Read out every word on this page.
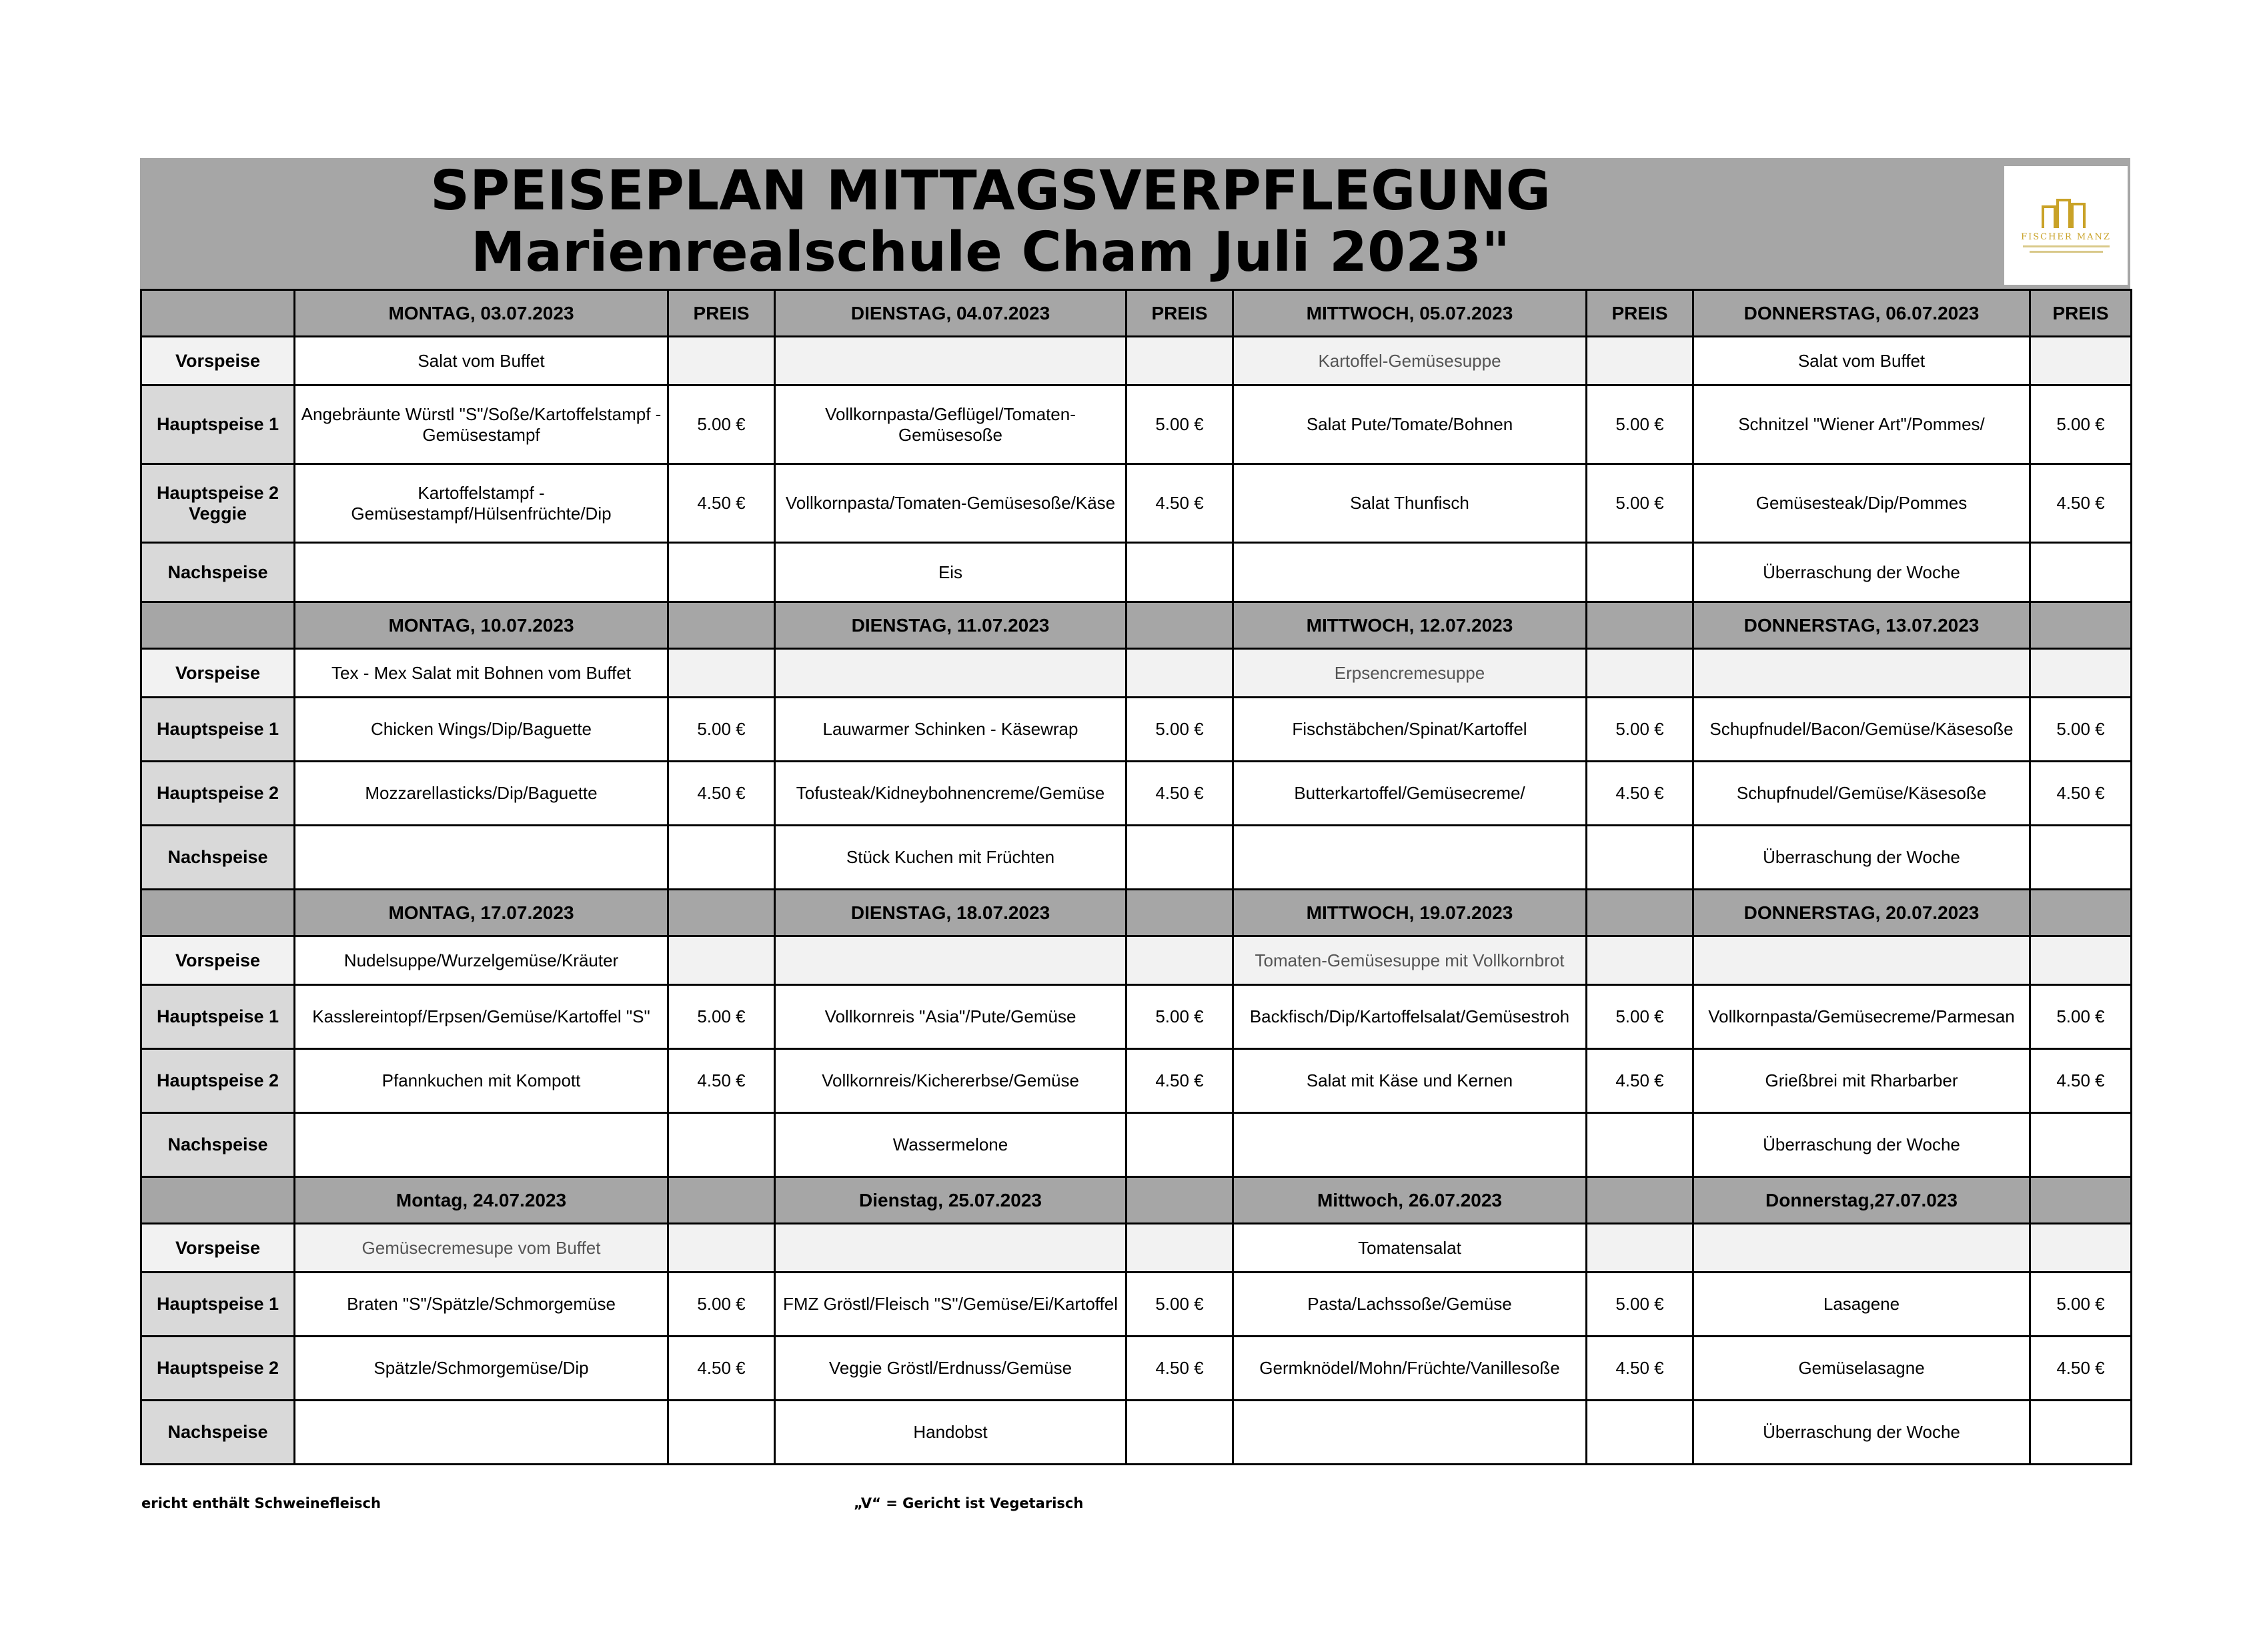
SPEISEPLAN MITTAGSVERPFLEGUNG
Marienrealschule Cham Juli 2023"	FISCHER MANZ
	MONTAG, 03.07.2023	PREIS	DIENSTAG, 04.07.2023	PREIS	MITTWOCH, 05.07.2023	PREIS	DONNERSTAG, 06.07.2023	PREIS
Vorspeise	Salat vom Buffet				Kartoffel-Gemüsesuppe		Salat vom Buffet	
Hauptspeise 1	Angebräunte Würstl "S"/Soße/Kartoffelstampf - Gemüsestampf	5.00 €	Vollkornpasta/Geflügel/Tomaten-Gemüsesoße	5.00 €	Salat Pute/Tomate/Bohnen	5.00 €	Schnitzel "Wiener Art"/Pommes/	5.00 €
Hauptspeise 2 Veggie	Kartoffelstampf - Gemüsestampf/Hülsenfrüchte/Dip	4.50 €	Vollkornpasta/Tomaten-Gemüsesoße/Käse	4.50 €	Salat Thunfisch	5.00 €	Gemüsesteak/Dip/Pommes	4.50 €
Nachspeise			Eis				Überraschung der Woche	
	MONTAG, 10.07.2023		DIENSTAG, 11.07.2023		MITTWOCH, 12.07.2023		DONNERSTAG, 13.07.2023	
Vorspeise	Tex - Mex Salat mit Bohnen vom Buffet				Erpsencremesuppe			
Hauptspeise 1	Chicken Wings/Dip/Baguette	5.00 €	Lauwarmer Schinken - Käsewrap	5.00 €	Fischstäbchen/Spinat/Kartoffel	5.00 €	Schupfnudel/Bacon/Gemüse/Käsesoße	5.00 €
Hauptspeise 2	Mozzarellasticks/Dip/Baguette	4.50 €	Tofusteak/Kidneybohnencreme/Gemüse	4.50 €	Butterkartoffel/Gemüsecreme/	4.50 €	Schupfnudel/Gemüse/Käsesoße	4.50 €
Nachspeise			Stück Kuchen mit Früchten				Überraschung der Woche	
	MONTAG, 17.07.2023		DIENSTAG, 18.07.2023		MITTWOCH, 19.07.2023		DONNERSTAG, 20.07.2023	
Vorspeise	Nudelsuppe/Wurzelgemüse/Kräuter				Tomaten-Gemüsesuppe mit Vollkornbrot			
Hauptspeise 1	Kasslereintopf/Erpsen/Gemüse/Kartoffel "S"	5.00 €	Vollkornreis "Asia"/Pute/Gemüse	5.00 €	Backfisch/Dip/Kartoffelsalat/Gemüsestroh	5.00 €	Vollkornpasta/Gemüsecreme/Parmesan	5.00 €
Hauptspeise 2	Pfannkuchen mit Kompott	4.50 €	Vollkornreis/Kichererbse/Gemüse	4.50 €	Salat mit Käse und Kernen	4.50 €	Grießbrei mit Rharbarber	4.50 €
Nachspeise			Wassermelone				Überraschung der Woche	
	Montag, 24.07.2023		Dienstag, 25.07.2023		Mittwoch, 26.07.2023		Donnerstag,27.07.023	
Vorspeise	Gemüsecremesupe vom Buffet				Tomatensalat			
Hauptspeise 1	Braten "S"/Spätzle/Schmorgemüse	5.00 €	FMZ Gröstl/Fleisch "S"/Gemüse/Ei/Kartoffel	5.00 €	Pasta/Lachssoße/Gemüse	5.00 €	Lasagene	5.00 €
Hauptspeise 2	Spätzle/Schmorgemüse/Dip	4.50 €	Veggie Gröstl/Erdnuss/Gemüse	4.50 €	Germknödel/Mohn/Früchte/Vanillesoße	4.50 €	Gemüselasagne	4.50 €
Nachspeise			Handobst				Überraschung der Woche	
ericht enthält Schweinefleisch	„V“ = Gericht ist Vegetarisch
